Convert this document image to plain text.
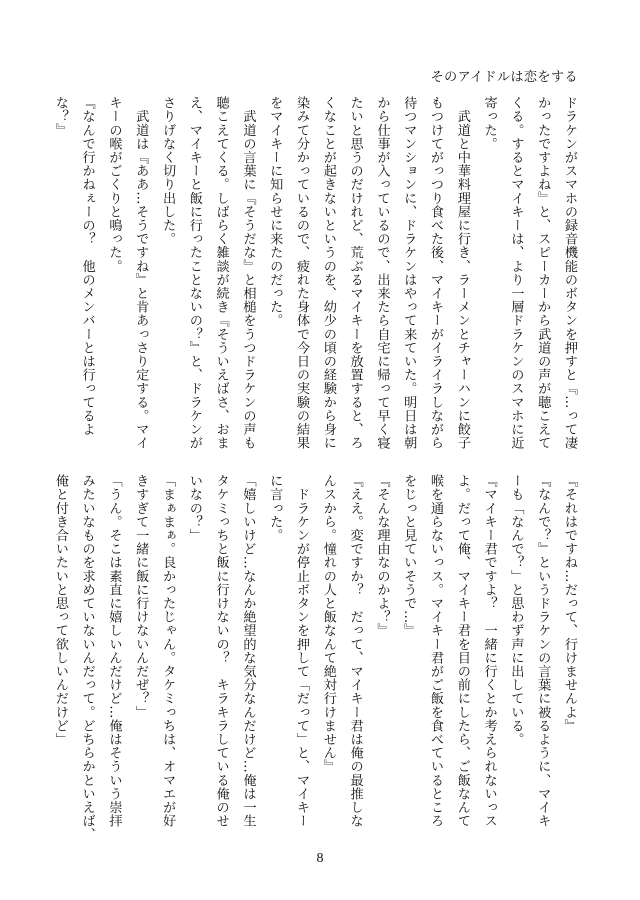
そのアイドルは恋をする

ドラケンがスマホの録音機能のボタンを押すと『…って凄

かったですよね』と、スピーカーから武道の声が聴こえて

くる。するとマイキーは、より一層ドラケンのスマホに近

寄った。

　武道と中華料理屋に行き、ラーメンとチャーハンに餃子

もつけてがっつり食べた後、マイキーがイライラしながら

待つマンションに、ドラケンはやって来ていた。明日は朝

から仕事が入っているので、出来たら自宅に帰って早く寝

たいと思うのだけれど、荒ぶるマイキーを放置すると、ろ

くなことが起きないというのを、幼少の頃の経験から身に

染みて分かっているので、疲れた身体で今日の実験の結果

をマイキーに知らせに来たのだった。

　武道の言葉に『そうだな』と相槌をうつドラケンの声も

聴こえてくる。しばらく雑談が続き『そういえばさ、おま

え、マイキーと飯に行ったことないの？』と、ドラケンが

さりげなく切り出した。

　武道は『ああ…そうですね』と肯あっさり定する。マイ

キーの喉がごくりと鳴った。

『なんで行かねぇーの？　他のメンバーとは行ってるよ

な？』

『それはですね…だって、行けませんよ』

『なんで？』というドラケンの言葉に被るように、マイキ

ーも「なんで？」と思わず声に出している。

『マイキー君ですよ？　一緒に行くとか考えられないっス

よ。だって俺、マイキー君を目の前にしたら、ご飯なんて

喉を通らないっス。マイキー君がご飯を食べているところ

をじっと見ていそうで…』

『そんな理由なのかよ？』

『ええ。変ですか？　だって、マイキー君は俺の最推しな

んスから。憧れの人と飯なんて絶対行けません』

　ドラケンが停止ボタンを押して「だって」と、マイキー

に言った。

「嬉しいけど…なんか絶望的な気分なんだけど…俺は一生

タケミっちと飯に行けないの？　キラキラしている俺のせ

いなの？」

「まぁまぁ。良かったじゃん。タケミっちは、オマエが好

きすぎて一緒に飯に行けないんだぜ？」

「うん。そこは素直に嬉しいんだけど…俺はそういう崇拝

みたいなものを求めていないんだって。どちらかといえば、

俺と付き合いたいと思って欲しいんだけど」

8
